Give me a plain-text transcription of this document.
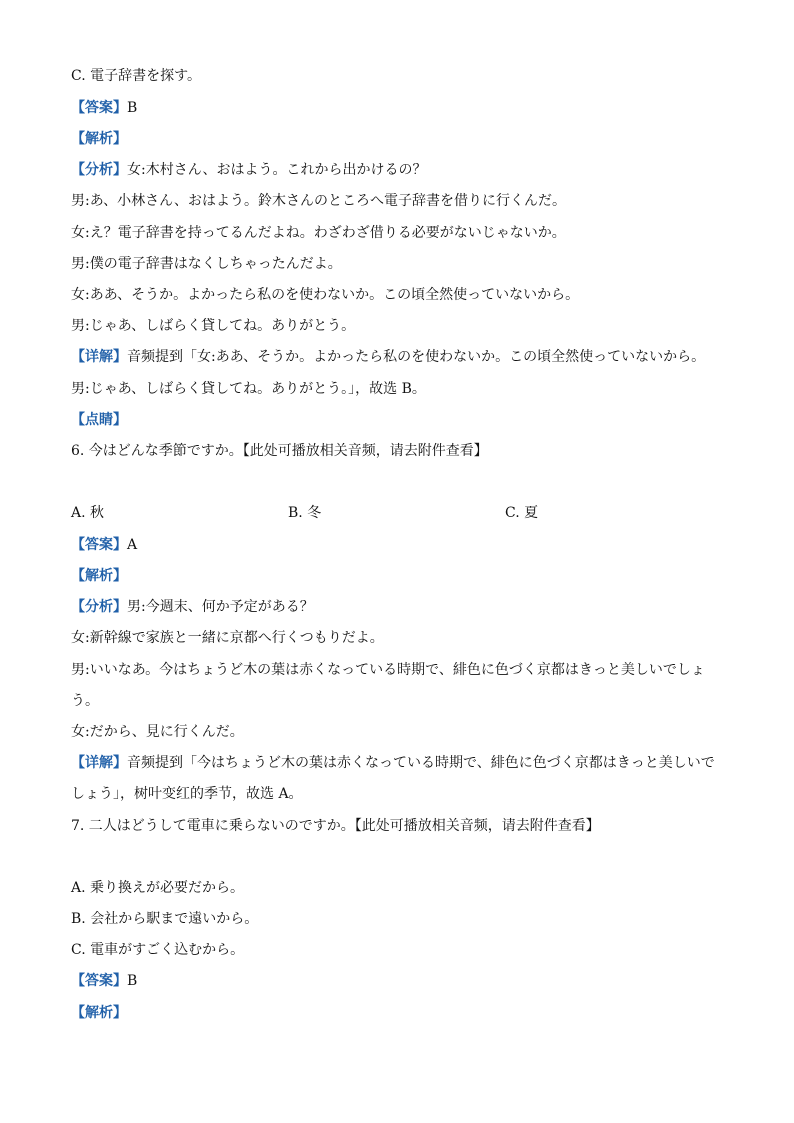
C. 電子辞書を探す。
【答案】B
【解析】
【分析】女:木村さん、おはよう。これから出かけるの？
男:あ、小林さん、おはよう。鈴木さんのところへ電子辞書を借りに行くんだ。
女:え？電子辞書を持ってるんだよね。わざわざ借りる必要がないじゃないか。
男:僕の電子辞書はなくしちゃったんだよ。
女:ああ、そうか。よかったら私のを使わないか。この頃全然使っていないから。
男:じゃあ、しばらく貸してね。ありがとう。
【详解】音频提到「女:ああ、そうか。よかったら私のを使わないか。この頃全然使っていないから。
男:じゃあ、しばらく貸してね。ありがとう。」，故选 B。
【点睛】
6. 今はどんな季節ですか。【此处可播放相关音频，请去附件查看】
A. 秋	B. 冬	C. 夏
【答案】A
【解析】
【分析】男:今週末、何か予定がある？
女:新幹線で家族と一緒に京都へ行くつもりだよ。
男:いいなあ。今はちょうど木の葉は赤くなっている時期で、緋色に色づく京都はきっと美しいでしょ
う。
女:だから、見に行くんだ。
【详解】音频提到「今はちょうど木の葉は赤くなっている時期で、緋色に色づく京都はきっと美しいで
しょう」，树叶变红的季节，故选 A。
7. 二人はどうして電車に乗らないのですか。【此处可播放相关音频，请去附件查看】
A. 乗り換えが必要だから。
B. 会社から駅まで遠いから。
C. 電車がすごく込むから。
【答案】B
【解析】
